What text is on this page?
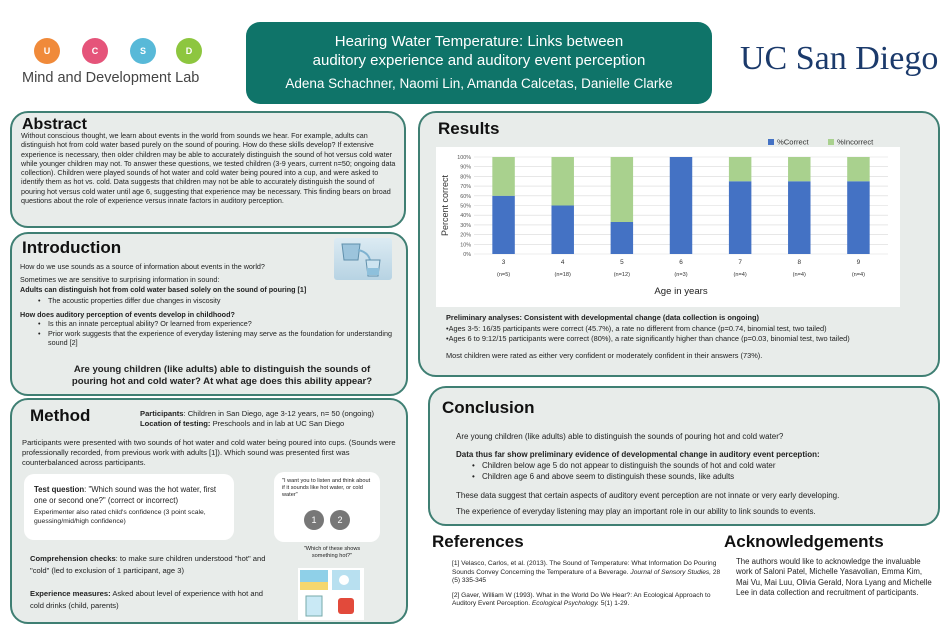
U	C	S	D
Mind and Development Lab
Hearing Water Temperature: Links between
auditory experience and auditory event perception
Adena Schachner, Naomi Lin, Amanda Calcetas, Danielle Clarke
UC San Diego
Abstract
Without conscious thought, we learn about events in the world from sounds we hear. For example, adults can distinguish hot from cold water based purely on the sound of pouring. How do these skills develop? If extensive experience is necessary, then older children may be able to accurately distinguish the sound of hot versus cold water while younger children may not. To answer these questions, we tested children (3-9 years, current n=50; ongoing data collection). Children were played sounds of hot water and cold water being poured into a cup, and were asked to identify them as hot vs. cold. Data suggests that children may not be able to accurately distinguish the sound of pouring hot versus cold water until age 6, suggesting that experience may be necessary. This finding bears on broad questions about the role of experience versus innate factors in auditory perception.
Introduction
How do we use sounds as a source of information about events in the world?
Sometimes we are sensitive to surprising information in sound:
Adults can distinguish hot from cold water based solely on the sound of pouring [1]
• The acoustic properties differ due changes in viscosity
How does auditory perception of events develop in childhood?
• Is this an innate perceptual ability? Or learned from experience?
• Prior work suggests that the experience of everyday listening may serve as the foundation for understanding sound [2]
Are young children (like adults) able to distinguish the sounds of pouring hot and cold water? At what age does this ability appear?
Method	Participants: Children in San Diego, age 3-12 years, n= 50 (ongoing)
Location of testing: Preschools and in lab at UC San Diego
Participants were presented with two sounds of hot water and cold water being poured into cups. (Sounds were professionally recorded, from previous work with adults [1]). Which sound was presented first was counterbalanced across participants.
Test question: "Which sound was the hot water, first one or second one?" (correct or incorrect)
Experimenter also rated child's confidence (3 point scale, guessing/mid/high confidence)
"I want you to listen and think about if it sounds like hot water, or cold water"
1	2
"Which of these shows something hot?"
Comprehension checks: to make sure children understood "hot" and "cold" (led to exclusion of 1 participant, age 3)
Experience measures: Asked about level of experience with hot and cold drinks (child, parents)
Results
Preliminary analyses: Consistent with developmental change (data collection is ongoing)
•Ages 3-5: 16/35 participants were correct (45.7%), a rate no different from chance (p=0.74, binomial test, two tailed)
•Ages 6 to 9:12/15 participants were correct (80%), a rate significantly higher than chance (p=0.03, binomial test, two tailed)
Most children were rated as either very confident or moderately confident in their answers (73%).
0%
10%
20%
30%
40%
50%
60%
70%
80%
90%
100%
Percent correct
3
(n=5)
4
(n=18)
5
(n=12)
6
(n=3)
7
(n=4)
8
(n=4)
9
(n=4)
Age in years
%Correct	%Incorrect
Conclusion
Are young children (like adults) able to distinguish the sounds of pouring hot and cold water?
Data thus far show preliminary evidence of developmental change in auditory event perception:
• Children below age 5 do not appear to distinguish the sounds of hot and cold water
• Children age 6 and above seem to distinguish these sounds, like adults
These data suggest that certain aspects of auditory event perception are not innate or very early developing.
The experience of everyday listening may play an important role in our ability to link sounds to events.
References
[1] Velasco, Carlos, et al. (2013). The Sound of Temperature: What Information Do Pouring Sounds Convey Concerning the Temperature of a Beverage. Journal of Sensory Studies, 28 (5) 335-345
[2] Gaver, William W (1993). What in the World Do We Hear?: An Ecological Approach to Auditory Event Perception. Ecological Psychology. 5(1) 1-29.
Acknowledgements
The authors would like to acknowledge the invaluable work of Saloni Patel, Michelle Yasavolian, Emma Kim, Mai Vu, Mai Luu, Olivia Gerald, Nora Lyang and Michelle Lee in data collection and recruitment of participants.
